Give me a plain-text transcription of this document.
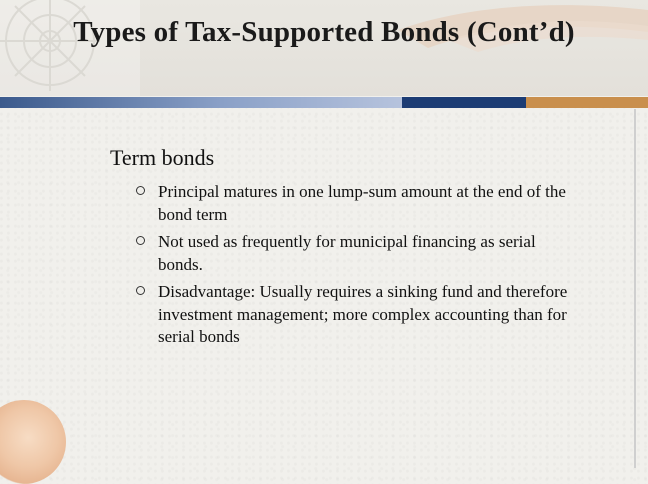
Types of Tax-Supported Bonds (Cont’d)
Term bonds
Principal matures in one lump-sum amount at the end of the bond term
Not used as frequently for municipal financing as serial bonds.
Disadvantage: Usually requires a sinking fund and therefore investment management; more complex accounting than for serial bonds
